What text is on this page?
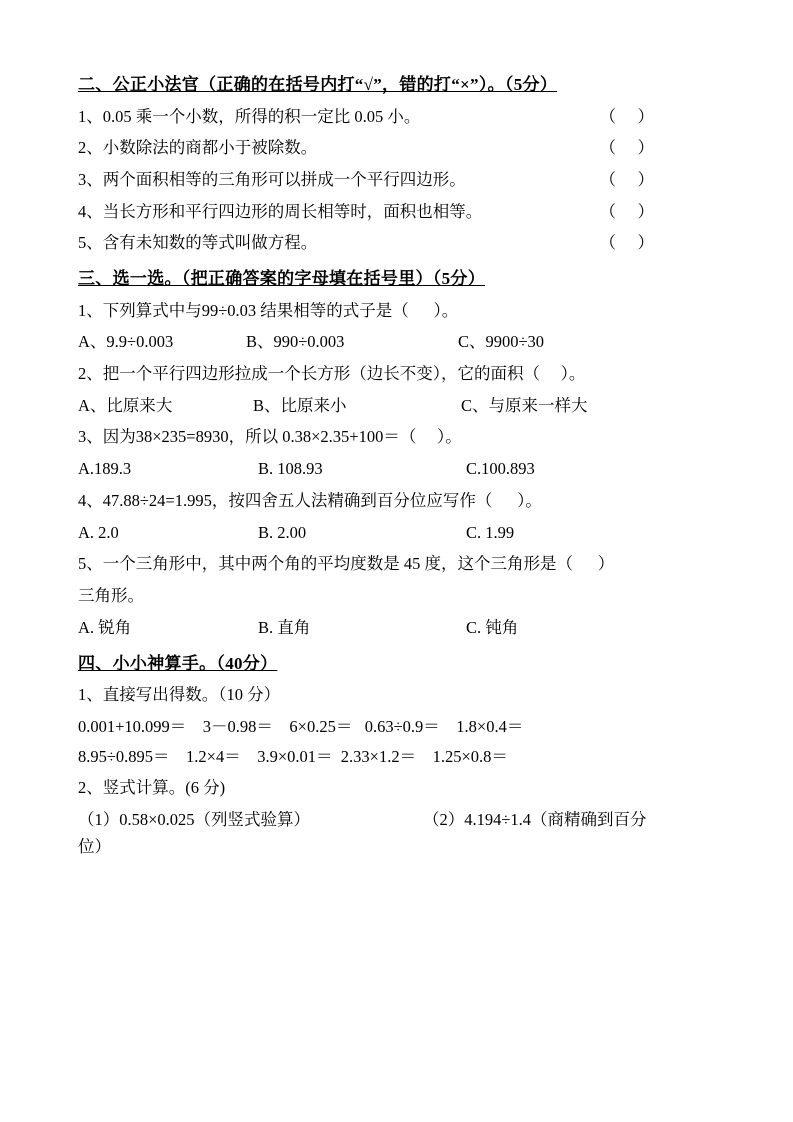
二、公正小法官（正确的在括号内打“√”，错的打“×”）。（5分）
1、0.05 乘一个小数，所得的积一定比 0.05 小。	（    ）
2、小数除法的商都小于被除数。	（    ）
3、两个面积相等的三角形可以拼成一个平行四边形。	（    ）
4、当长方形和平行四边形的周长相等时，面积也相等。	（    ）
5、含有未知数的等式叫做方程。	（    ）
三、选一选。（把正确答案的字母填在括号里）（5分）
1、下列算式中与99÷0.03 结果相等的式子是（      ）。
A、9.9÷0.003	B、990÷0.003	C、9900÷30
2、把一个平行四边形拉成一个长方形（边长不变），它的面积（     ）。
A、比原来大	B、比原来小	C、与原来一样大
3、因为38×235=8930，所以 0.38×2.35+100＝（     ）。
A.189.3	B. 108.93	C.100.893
4、47.88÷24=1.995，按四舍五人法精确到百分位应写作（      ）。
A. 2.0	B. 2.00	C. 1.99
5、一个三角形中，其中两个角的平均度数是 45 度，这个三角形是（      ）
三角形。
A. 锐角	B. 直角	C. 钝角
四、小小神算手。（40分）
1、直接写出得数。（10 分）
0.001+10.099＝    3－0.98＝    6×0.25＝   0.63÷0.9＝    1.8×0.4＝
8.95÷0.895＝    1.2×4＝    3.9×0.01＝  2.33×1.2＝    1.25×0.8＝
2、竖式计算。(6 分)
（1）0.58×0.025（列竖式验算）	（2）4.194÷1.4（商精确到百分
位）
